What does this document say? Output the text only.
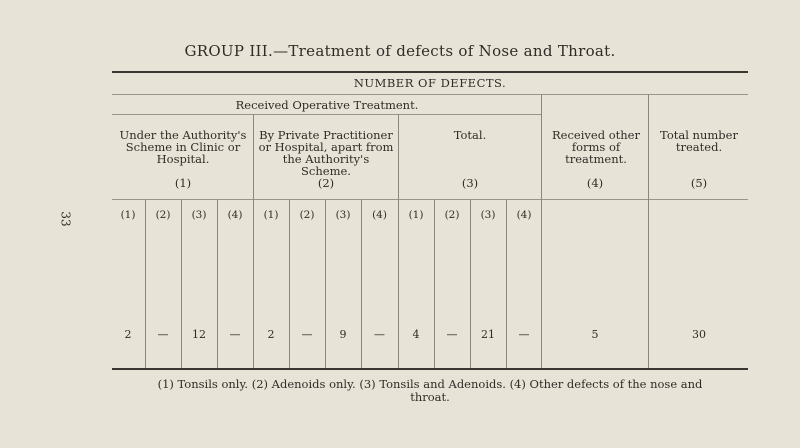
GROUP III.—Treatment of defects of Nose and Throat.
33
NUMBER OF DEFECTS.
Received Operative Treatment.
Under the Authority's Scheme in Clinic or Hospital.
(1)
By Private Practitioner or Hospital, apart from the Authority's Scheme.
(2)
Total.
(3)
Received other forms of treatment.
(4)
Total number treated.
(5)
(1)	(2)	(3)	(4)	(1)	(2)	(3)	(4)	(1)	(2)	(3)	(4)
2	—	12	—	2	—	9	—	4	—	21	—	5	30
(1) Tonsils only. (2) Adenoids only. (3) Tonsils and Adenoids. (4) Other defects of the nose and throat.
